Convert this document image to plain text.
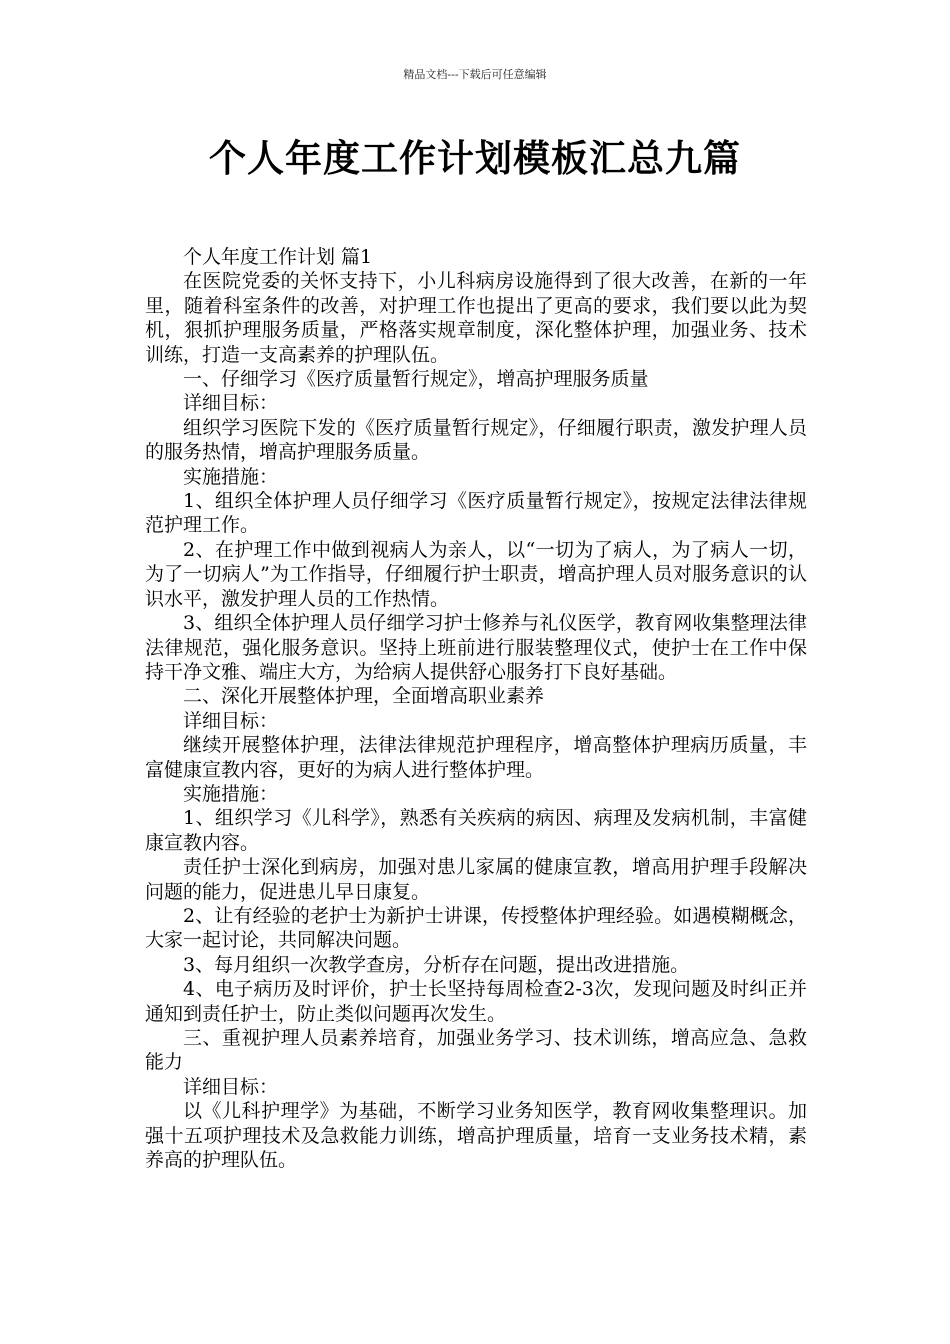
精品文档---下载后可任意编辑
个人年度工作计划模板汇总九篇

个人年度工作计划 篇1

在医院党委的关怀支持下，小儿科病房设施得到了很大改善，在新的一年里，随着科室条件的改善，对护理工作也提出了更高的要求，我们要以此为契机，狠抓护理服务质量，严格落实规章制度，深化整体护理，加强业务、技术训练，打造一支高素养的护理队伍。

一、仔细学习《医疗质量暂行规定》，增高护理服务质量

详细目标：

组织学习医院下发的《医疗质量暂行规定》，仔细履行职责，激发护理人员的服务热情，增高护理服务质量。

实施措施：

1、组织全体护理人员仔细学习《医疗质量暂行规定》，按规定法律法律规范护理工作。

2、在护理工作中做到视病人为亲人，以“一切为了病人，为了病人一切，为了一切病人”为工作指导，仔细履行护士职责，增高护理人员对服务意识的认识水平，激发护理人员的工作热情。

3、组织全体护理人员仔细学习护士修养与礼仪医学，教育网收集整理法律法律规范，强化服务意识。坚持上班前进行服装整理仪式，使护士在工作中保持干净文雅、端庄大方，为给病人提供舒心服务打下良好基础。

二、深化开展整体护理，全面增高职业素养

详细目标：

继续开展整体护理，法律法律规范护理程序，增高整体护理病历质量，丰富健康宣教内容，更好的为病人进行整体护理。

实施措施：

1、组织学习《儿科学》，熟悉有关疾病的病因、病理及发病机制，丰富健康宣教内容。

责任护士深化到病房，加强对患儿家属的健康宣教，增高用护理手段解决问题的能力，促进患儿早日康复。

2、让有经验的老护士为新护士讲课，传授整体护理经验。如遇模糊概念，大家一起讨论，共同解决问题。

3、每月组织一次教学查房，分析存在问题，提出改进措施。

4、电子病历及时评价，护士长坚持每周检查2-3次，发现问题及时纠正并通知到责任护士，防止类似问题再次发生。

三、重视护理人员素养培育，加强业务学习、技术训练，增高应急、急救能力

详细目标：

以《儿科护理学》为基础，不断学习业务知医学，教育网收集整理识。加强十五项护理技术及急救能力训练，增高护理质量，培育一支业务技术精，素养高的护理队伍。
